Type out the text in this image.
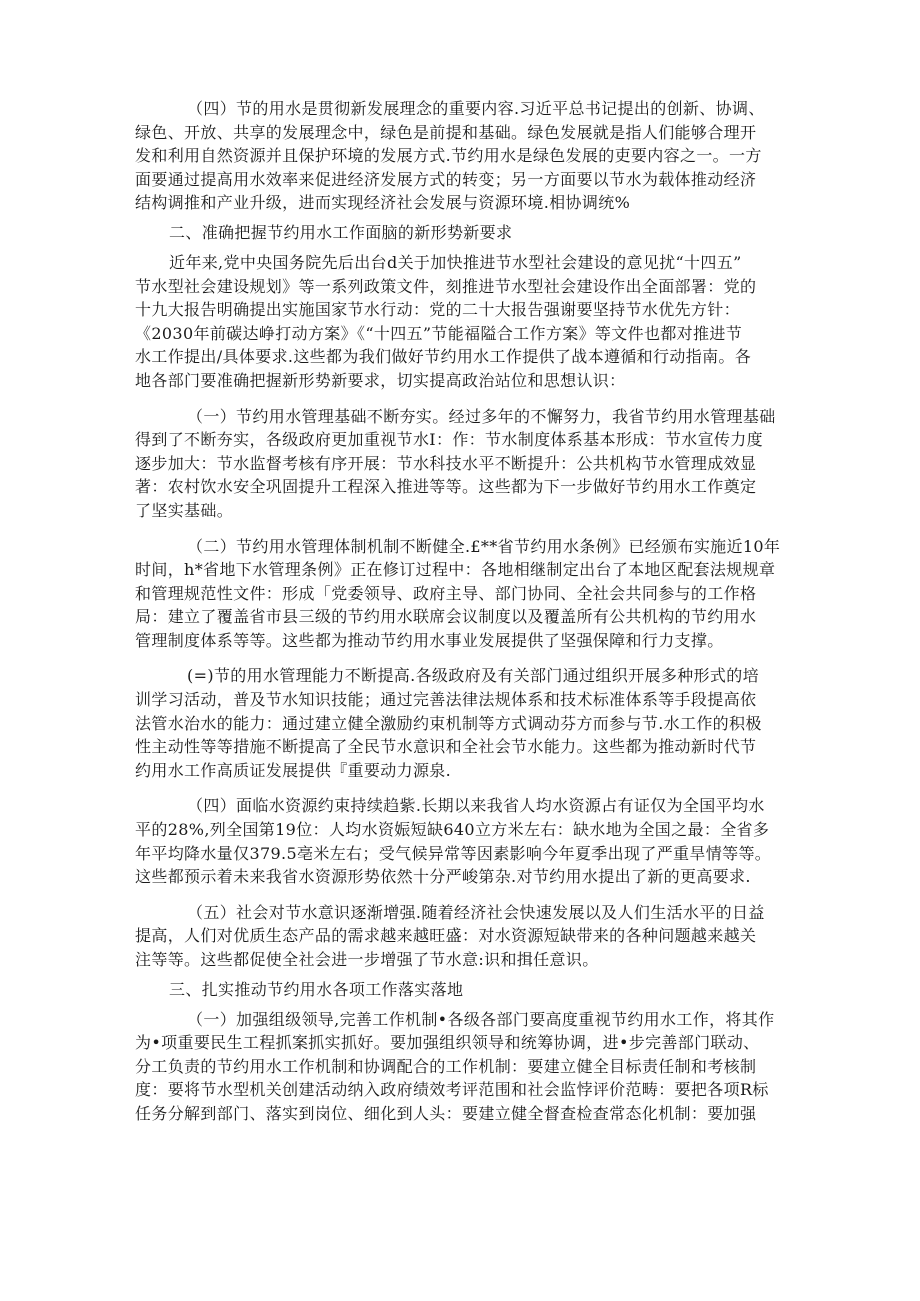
（四）节的用水是贯彻新发展理念的重要内容.习近平总书记提出的创新、协调、
绿色、开放、共享的发展理念中，绿色是前提和基础。绿色发展就是指人们能够合理开
发和利用自然资源并且保护环境的发展方式.节约用水是绿色发展的吏要内容之一。一方
面要通过提高用水效率来促进经济发展方式的转变；另一方面要以节水为载体推动经济
结构调推和产业升级，进而实现经济社会发展与资源环境.相协调统%
二、准确把握节约用水工作面脑的新形势新要求
近年来,党中央国务院先后出台d关于加快推进节水型社会建设的意见扰“十四五”
节水型社会建设规划》等一系列政策文件，刻推进节水型社会建设作出全面部署：党的
十九大报告明确提出实施国家节水行动：党的二十大报告强谢要坚持节水优先方针：
《2030年前碳达峥打动方案》《“十四五”节能福隘合工作方案》等文件也都对推进节
水工作提出/具体要求.这些都为我们做好节约用水工作提供了战本遵循和行动指南。各
地各部门要准确把握新形势新要求，切实提高政治站位和思想认识：
（一）节约用水管理基础不断夯实。经过多年的不懈努力，我省节约用水管理基础
得到了不断夯实，各级政府更加重视节水Ⅰ：作：节水制度体系基本形成：节水宣传力度
逐步加大：节水监督考核有序开展：节水科技水平不断提升：公共机构节水管理成效显
著：农村饮水安全巩固提升工程深入推进等等。这些都为下一步做好节约用水工作奠定
了坚实基础。
（二）节约用水管理体制机制不断健全.£**省节约用水条例》已经颁布实施近10年
时间，h*省地下水管理条例》正在修订过程中：各地相继制定出台了本地区配套法规规章
和管理规范性文件：形成「党委领导、政府主导、部门协同、全社会共同参与的工作格
局：建立了覆盖省市县三级的节约用水联席会议制度以及覆盖所有公共机构的节约用水
管理制度体系等等。这些都为推动节约用水事业发展提供了坚强保障和行力支撑。
(=)节的用水管理能力不断提高.各级政府及有关部门通过组织开展多种形式的培
训学习活动，普及节水知识技能；通过完善法律法规体系和技术标准体系等手段提高依
法管水治水的能力：通过建立健全激励约束机制等方式调动芬方而参与节.水工作的积极
性主动性等等措施不断提高了全民节水意识和全社会节水能力。这些都为推动新时代节
约用水工作高质证发展提供『重要动力源泉.
（四）面临水资源约束持续趋紫.长期以来我省人均水资源占有证仅为全国平均水
平的28%,列全国第19位：人均水资娠短缺640立方米左右：缺水地为全国之最：全省多
年平均降水量仅379.5亳米左右；受气候异常等因素影响今年夏季出现了严重旱情等等。
这些都预示着未来我省水资源形势依然十分严峻第杂.对节约用水提出了新的更高要求.
（五）社会对节水意识逐渐增强.随着经济社会快速发展以及人们生活水平的日益
提高，人们对优质生态产品的需求越来越旺盛：对水资源短缺带来的各种问题越来越关
注等等。这些都促使全社会进一步增强了节水意:识和揖任意识。
三、扎实推动节约用水各项工作落实落地
（一）加强组级领导,完善工作机制•各级各部门要高度重视节约用水工作，将其作
为•项重要民生工程抓案抓实抓好。要加强组织领导和统筹协调，进•步完善部门联动、
分工负责的节约用水工作机制和协调配合的工作机制：要建立健全目标责任制和考核制
度：要将节水型机关创建活动纳入政府绩效考评范围和社会监悖评价范畴：要把各项R标
任务分解到部门、落实到岗位、细化到人头：要建立健全督查检查常态化机制：要加强
